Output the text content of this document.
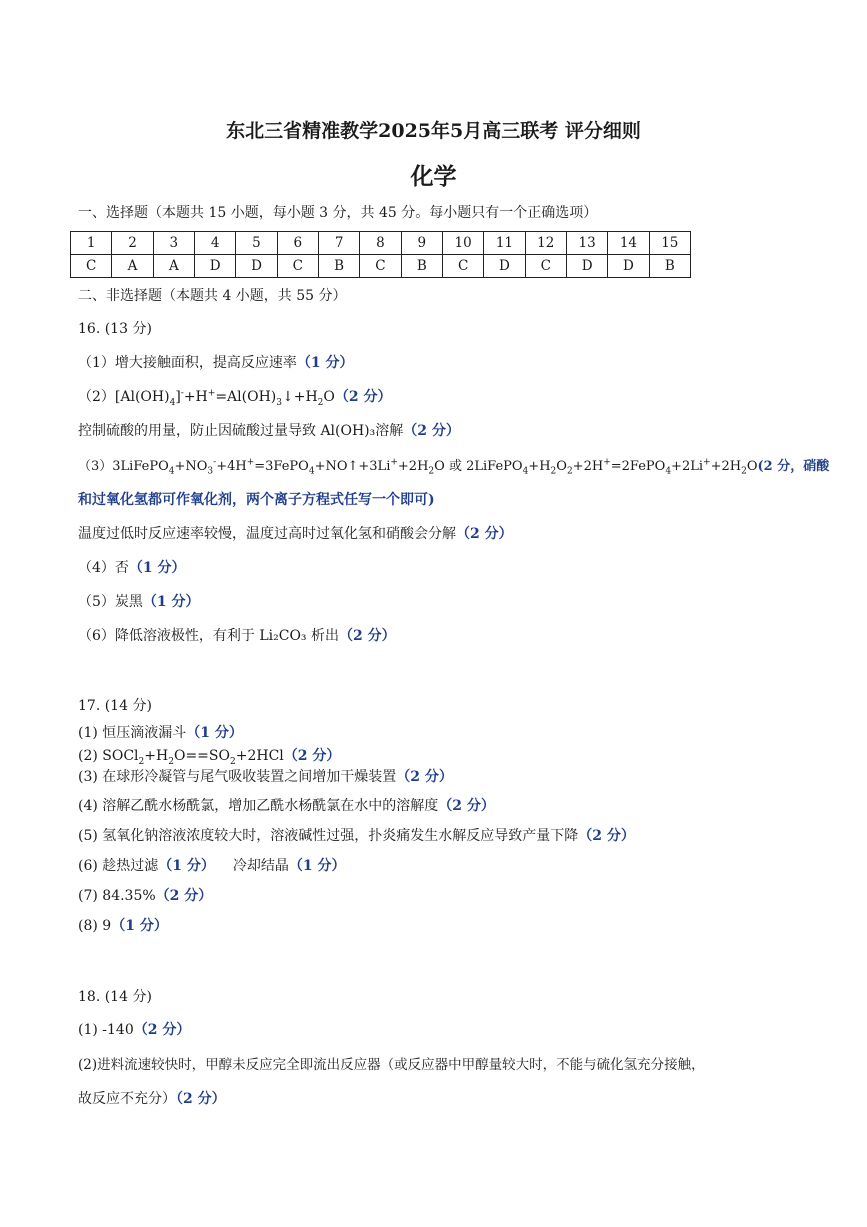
东北三省精准教学2025年5月高三联考 评分细则
化学
一、选择题（本题共 15 小题，每小题 3 分，共 45 分。每小题只有一个正确选项）
1	2	3	4	5	6	7	8	9	10	11	12	13	14	15
C	A	A	D	D	C	B	C	B	C	D	C	D	D	B
二、非选择题（本题共 4 小题，共 55 分）
16. (13 分)
（1）增大接触面积，提高反应速率（1 分）
$(2)[Al(OH)_4]^-+H^+=Al(OH)_3↓+H_2O(2$ 分）
控制硫酸的用量，防止因硫酸过量导致 Al(OH)₃溶解（2 分）
$(3)3LiFePO_4+NO_3^-+4H^+=3FePO_4+NO↑+3Li^++2H_2O$ 或 $2LiFePO_4+H_2O_2+2H^+=2FePO_4+2Li^++2H_2O(2$ 分，硝酸
和过氧化氢都可作氧化剂，两个离子方程式任写一个即可)
温度过低时反应速率较慢，温度过高时过氧化氢和硝酸会分解（2 分）
（4）否（1 分）
（5）炭黑（1 分）
（6）降低溶液极性，有利于 Li₂CO₃ 析出（2 分）
17. (14 分)
(1) 恒压滴液漏斗（1 分）
(2) $SOCl_2+H_2O==SO_2+2HCl(2$ 分）
(3) 在球形冷凝管与尾气吸收装置之间增加干燥装置（2 分）
(4) 溶解乙酰水杨酰氯，增加乙酰水杨酰氯在水中的溶解度（2 分）
(5) 氢氧化钠溶液浓度较大时，溶液碱性过强，扑炎痛发生水解反应导致产量下降（2 分）
(6) 趁热过滤（1 分） 冷却结晶（1 分）
(7) 84.35%（2 分）
(8) 9（1 分）
18. (14 分)
(1) -140（2 分）
(2)进料流速较快时，甲醇未反应完全即流出反应器（或反应器中甲醇量较大时，不能与硫化氢充分接触，
故反应不充分）（2 分）
